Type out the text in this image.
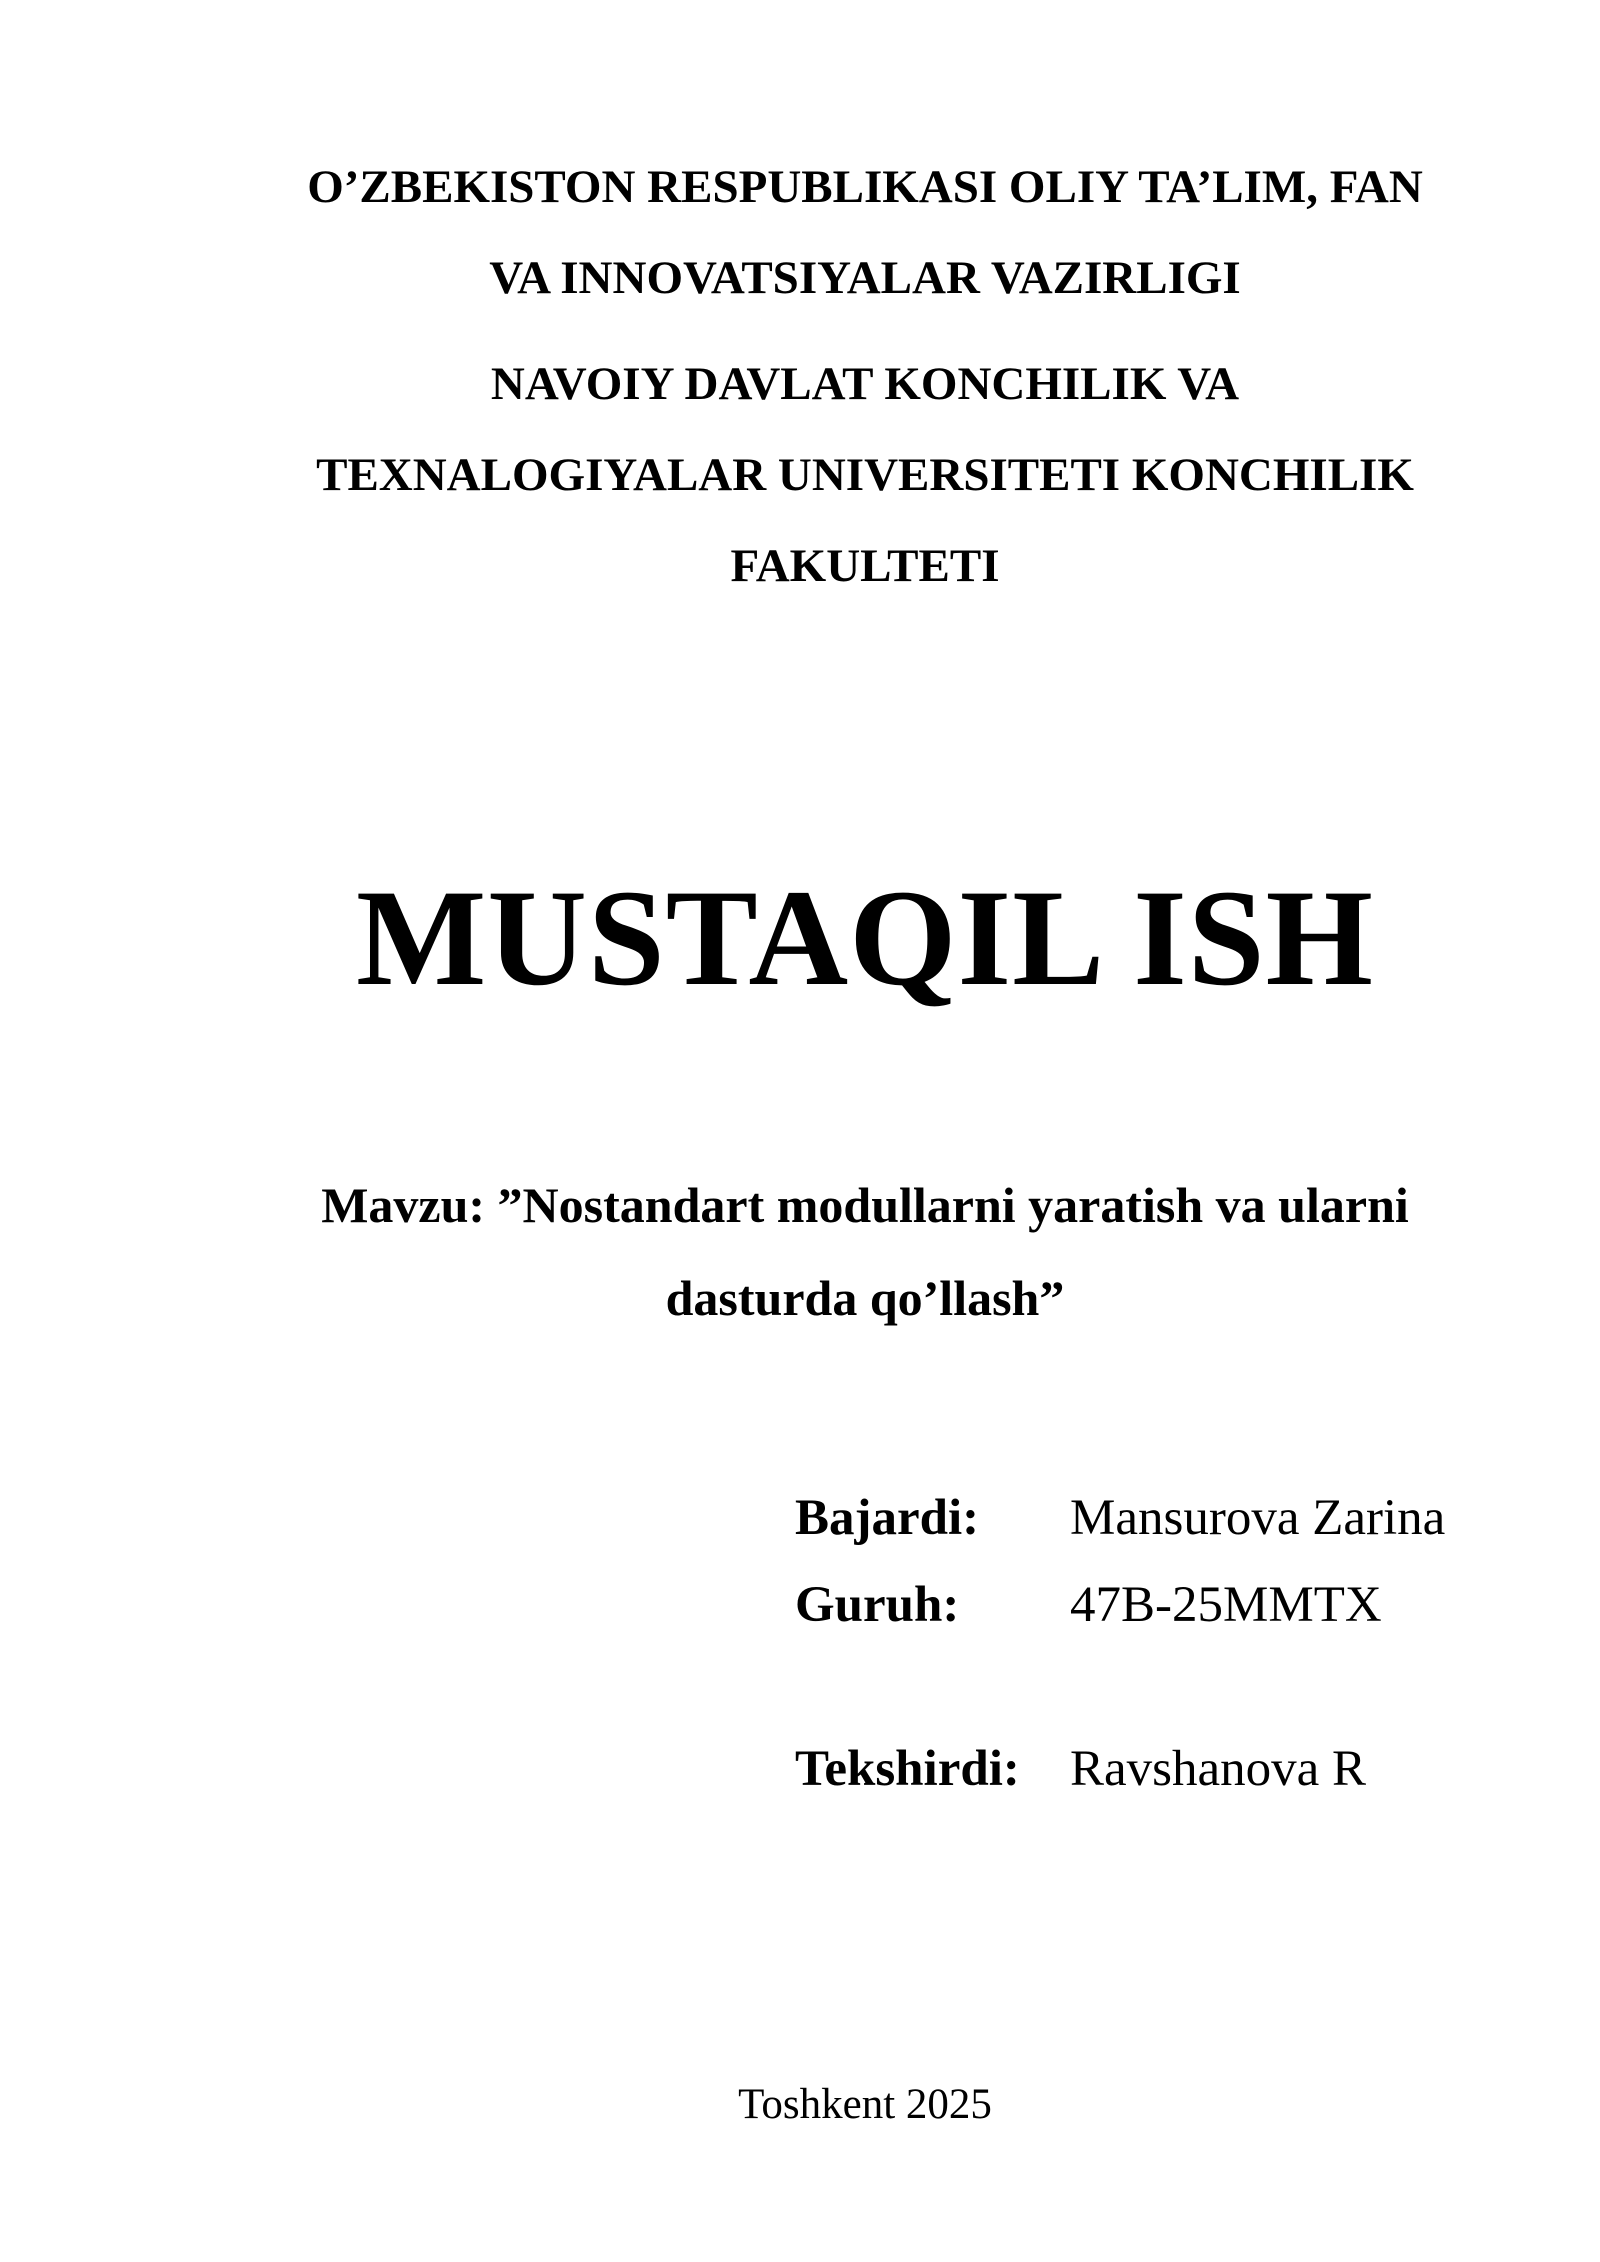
O’ZBEKISTON RESPUBLIKASI OLIY TA’LIM, FAN
VA INNOVATSIYALAR VAZIRLIGI
NAVOIY DAVLAT KONCHILIK VA
TEXNALOGIYALAR UNIVERSITETI KONCHILIK
FAKULTETI
MUSTAQIL ISH
Mavzu: ”Nostandart modullarni yaratish va ularni
dasturda qo’llash”
Bajardi: Mansurova Zarina
Guruh: 47B-25MMTX
Tekshirdi: Ravshanova R
Toshkent 2025
